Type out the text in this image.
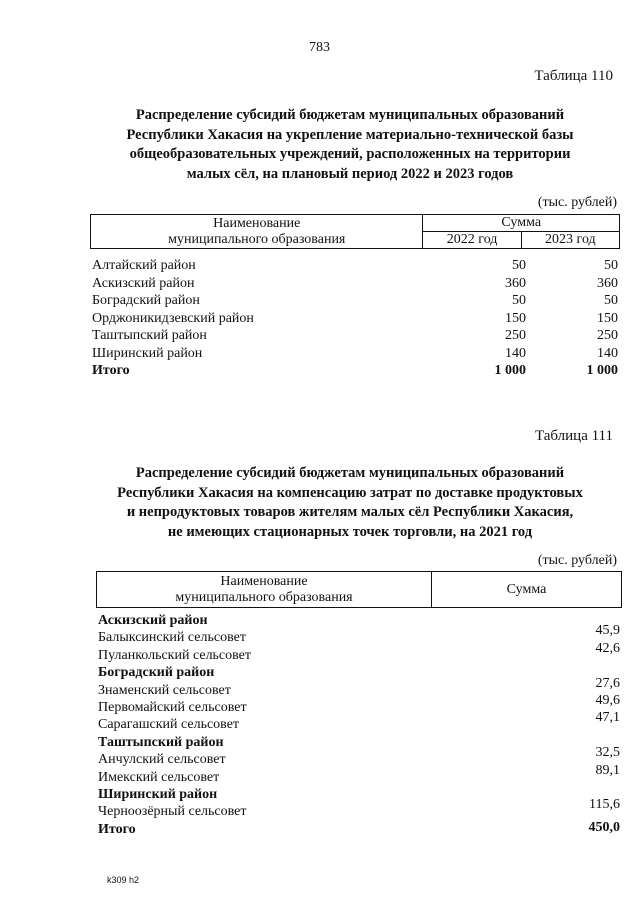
783
Таблица 110
Распределение субсидий бюджетам муниципальных образований
Республики Хакасия на укрепление материально-технической базы
общеобразовательных учреждений, расположенных на территории
малых сёл, на плановый период 2022 и 2023 годов
(тыс. рублей)
Наименование
муниципального образования	Сумма	
	2022 год	2023 год
Алтайский район	50	50
Аскизский район	360	360
Боградский район	50	50
Орджоникидзевский район	150	150
Таштыпский район	250	250
Ширинский район	140	140
Итого	1 000	1 000
Таблица 111
Распределение субсидий бюджетам муниципальных образований
Республики Хакасия на компенсацию затрат по доставке продуктовых
и непродуктовых товаров жителям малых сёл Республики Хакасия,
не имеющих стационарных точек торговли, на 2021 год
(тыс. рублей)
Наименование
муниципального образования
	Сумма
Аскизский район
Балыксинский сельсовет	45,9
Пуланкольский сельсовет	42,6
Боградский район
Знаменский сельсовет	27,6
Первомайский сельсовет	49,6
Сарагашский сельсовет	47,1
Таштыпский район
Анчулский сельсовет	32,5
Имекский сельсовет	89,1
Ширинский район
Черноозёрный сельсовет	115,6
Итого	450,0
k309 h2
